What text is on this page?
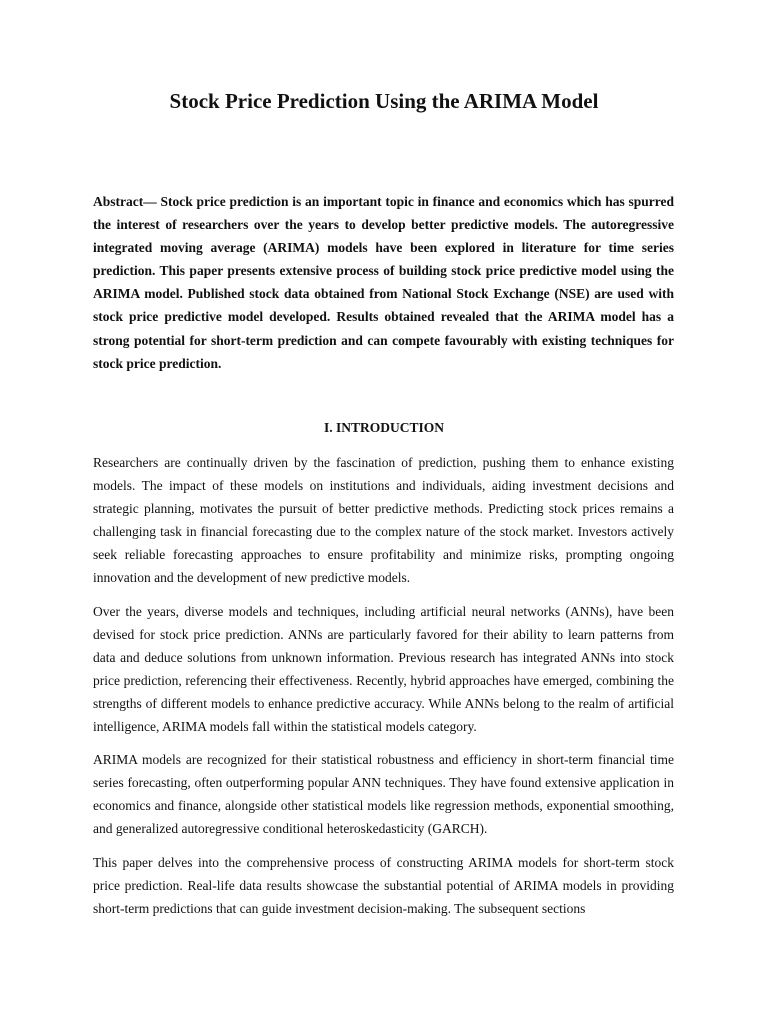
Stock Price Prediction Using the ARIMA Model

Abstract— Stock price prediction is an important topic in finance and economics which has spurred the interest of researchers over the years to develop better predictive models. The autoregressive integrated moving average (ARIMA) models have been explored in literature for time series prediction. This paper presents extensive process of building stock price predictive model using the ARIMA model. Published stock data obtained from National Stock Exchange (NSE) are used with stock price predictive model developed. Results obtained revealed that the ARIMA model has a strong potential for short-term prediction and can compete favourably with existing techniques for stock price prediction.

I. INTRODUCTION

Researchers are continually driven by the fascination of prediction, pushing them to enhance existing models. The impact of these models on institutions and individuals, aiding investment decisions and strategic planning, motivates the pursuit of better predictive methods. Predicting stock prices remains a challenging task in financial forecasting due to the complex nature of the stock market. Investors actively seek reliable forecasting approaches to ensure profitability and minimize risks, prompting ongoing innovation and the development of new predictive models.

Over the years, diverse models and techniques, including artificial neural networks (ANNs), have been devised for stock price prediction. ANNs are particularly favored for their ability to learn patterns from data and deduce solutions from unknown information. Previous research has integrated ANNs into stock price prediction, referencing their effectiveness. Recently, hybrid approaches have emerged, combining the strengths of different models to enhance predictive accuracy. While ANNs belong to the realm of artificial intelligence, ARIMA models fall within the statistical models category.

ARIMA models are recognized for their statistical robustness and efficiency in short-term financial time series forecasting, often outperforming popular ANN techniques. They have found extensive application in economics and finance, alongside other statistical models like regression methods, exponential smoothing, and generalized autoregressive conditional heteroskedasticity (GARCH).

This paper delves into the comprehensive process of constructing ARIMA models for short-term stock price prediction. Real-life data results showcase the substantial potential of ARIMA models in providing short-term predictions that can guide investment decision-making. The subsequent sections
